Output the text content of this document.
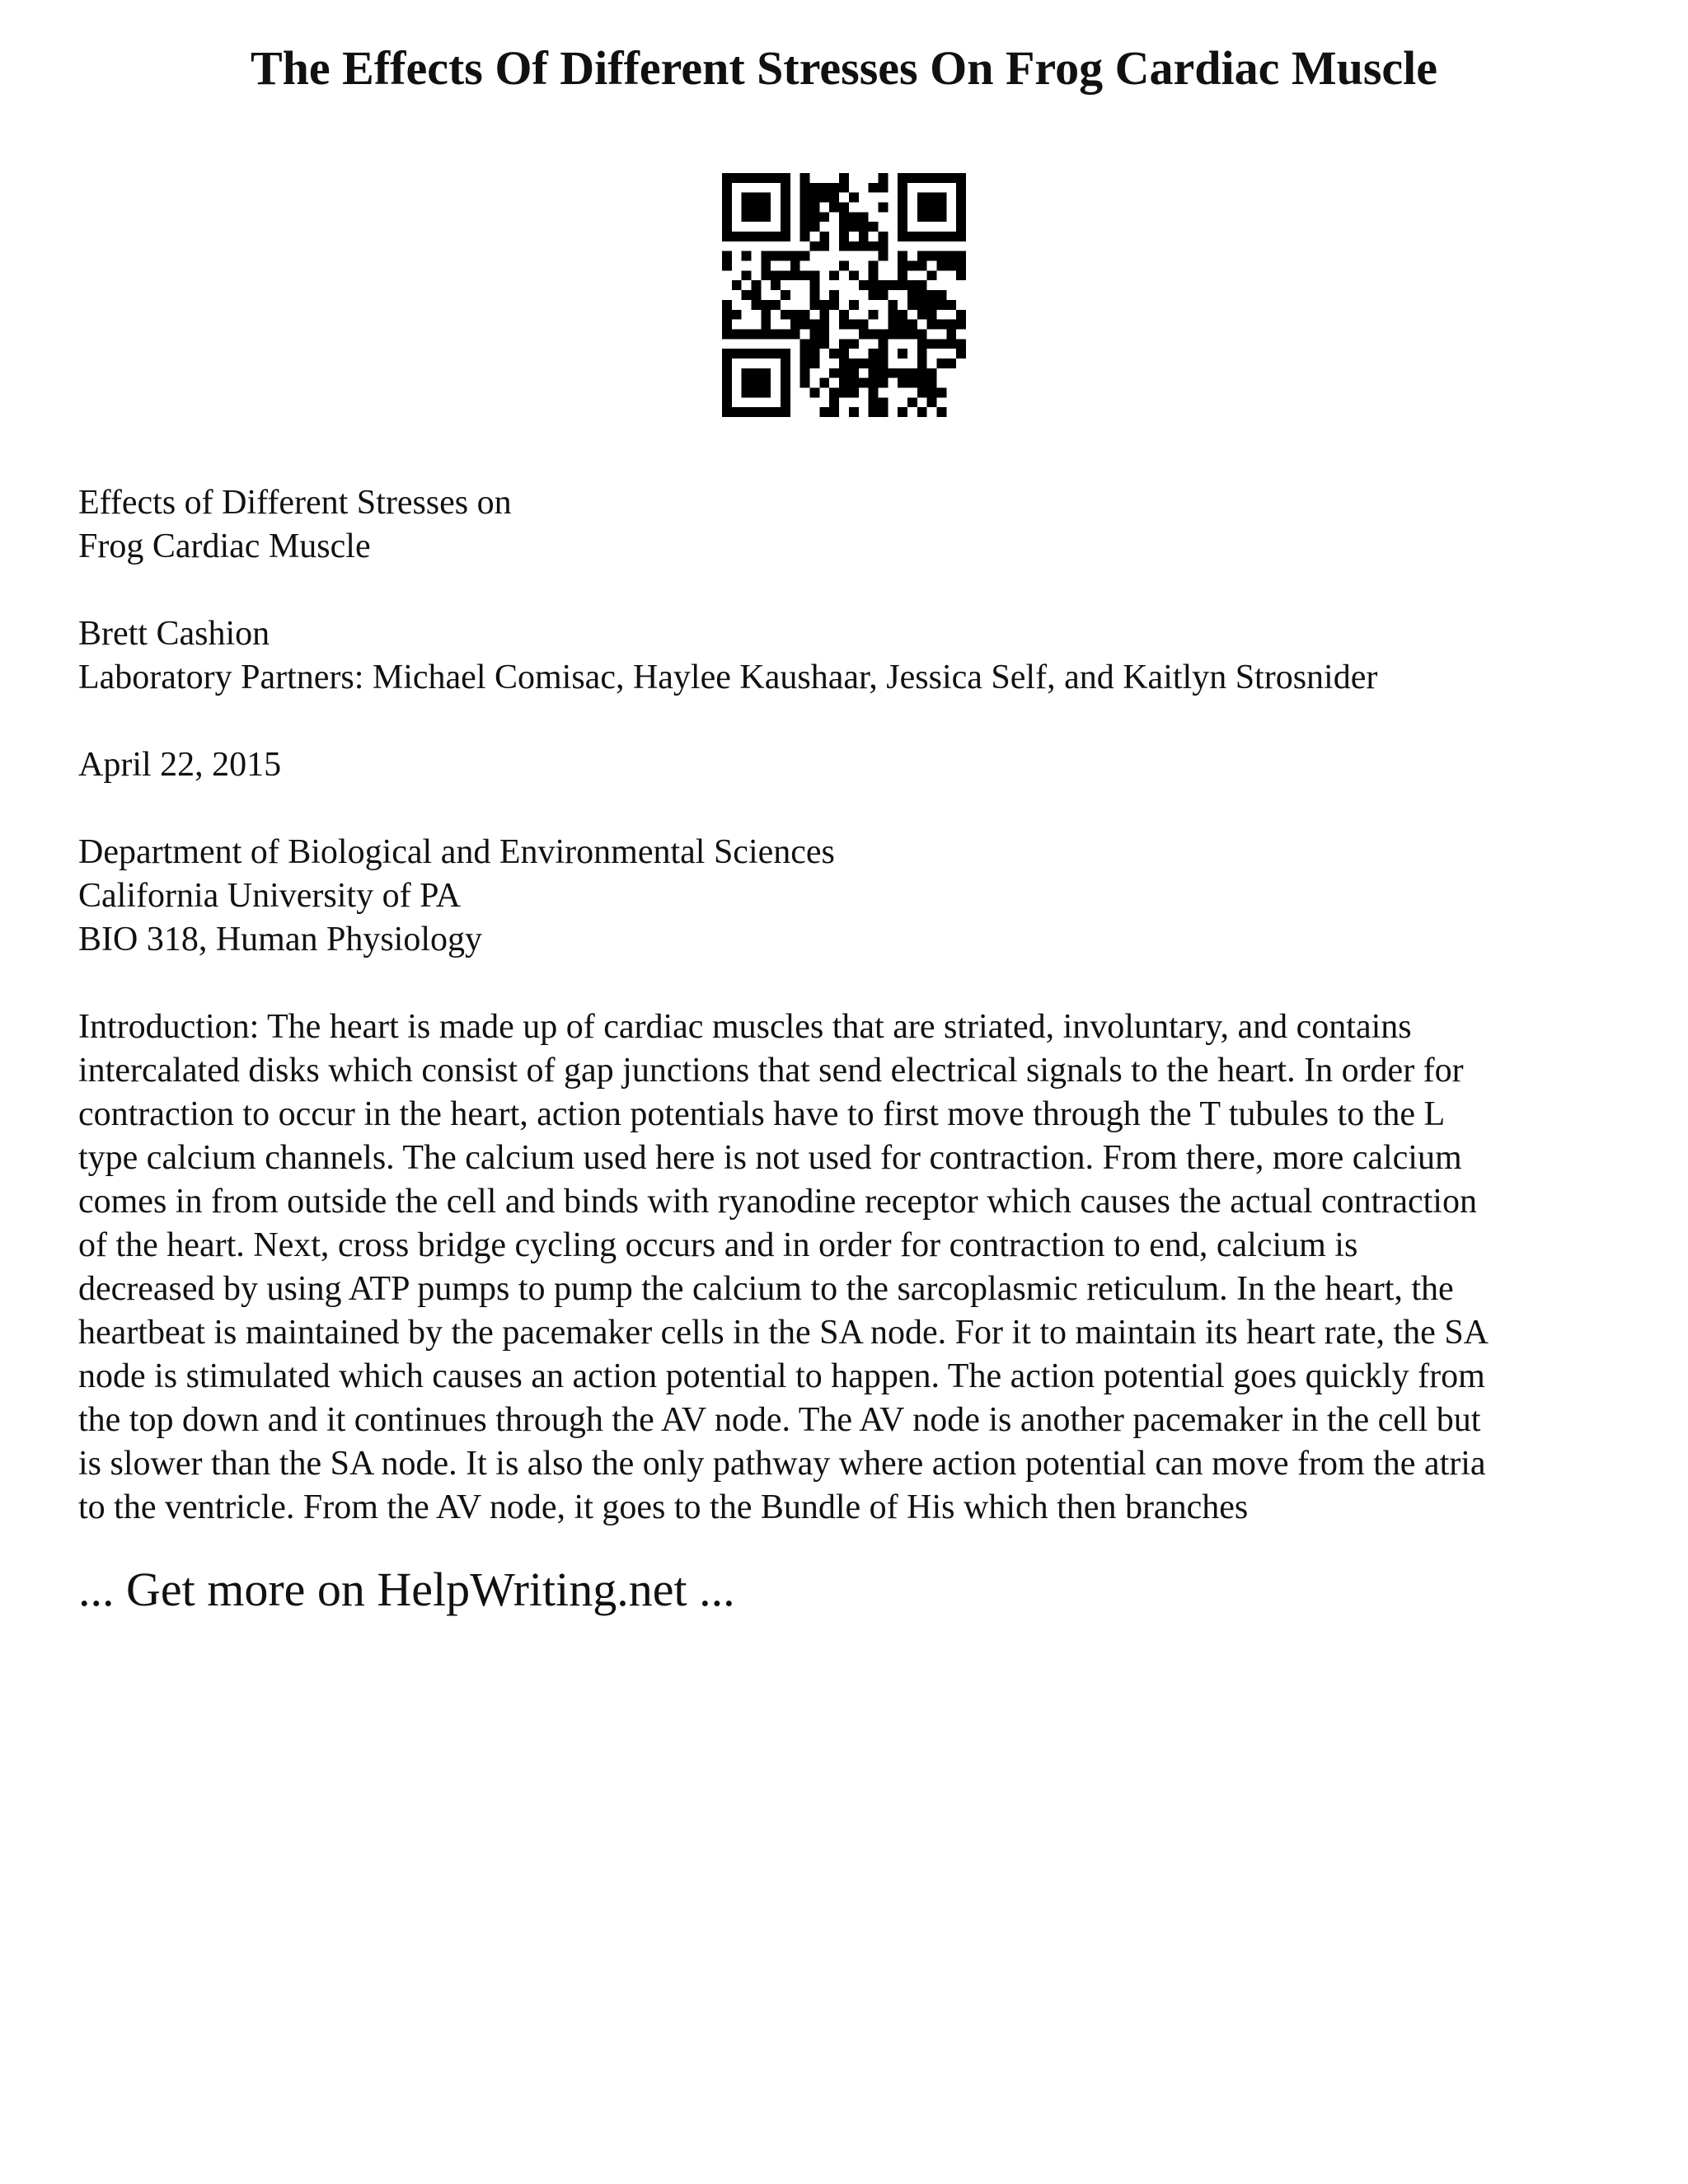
The Effects Of Different Stresses On Frog Cardiac Muscle
Effects of Different Stresses on
Frog Cardiac Muscle
Brett Cashion
Laboratory Partners: Michael Comisac, Haylee Kaushaar, Jessica Self, and Kaitlyn Strosnider
April 22, 2015
Department of Biological and Environmental Sciences
California University of PA
BIO 318, Human Physiology
Introduction: The heart is made up of cardiac muscles that are striated, involuntary, and contains
intercalated disks which consist of gap junctions that send electrical signals to the heart. In order for
contraction to occur in the heart, action potentials have to first move through the T tubules to the L
type calcium channels. The calcium used here is not used for contraction. From there, more calcium
comes in from outside the cell and binds with ryanodine receptor which causes the actual contraction
of the heart. Next, cross bridge cycling occurs and in order for contraction to end, calcium is
decreased by using ATP pumps to pump the calcium to the sarcoplasmic reticulum. In the heart, the
heartbeat is maintained by the pacemaker cells in the SA node. For it to maintain its heart rate, the SA
node is stimulated which causes an action potential to happen. The action potential goes quickly from
the top down and it continues through the AV node. The AV node is another pacemaker in the cell but
is slower than the SA node. It is also the only pathway where action potential can move from the atria
to the ventricle. From the AV node, it goes to the Bundle of His which then branches
... Get more on HelpWriting.net ...
